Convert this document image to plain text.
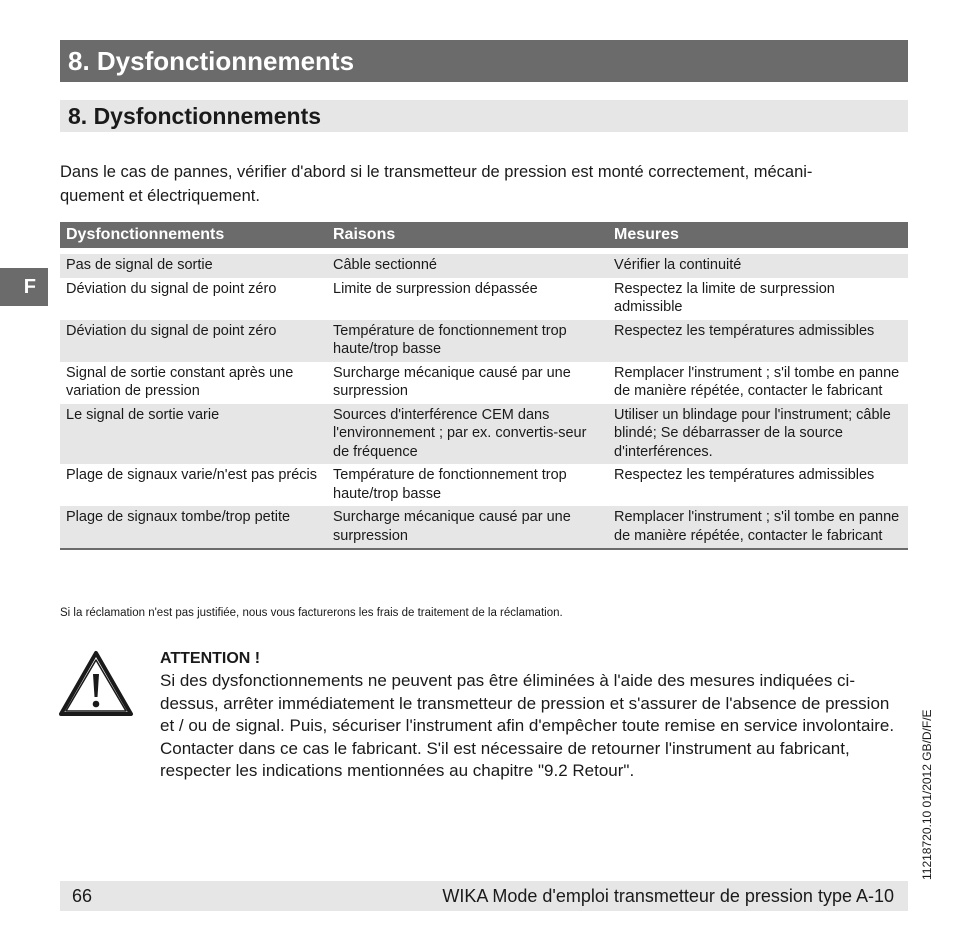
8. Dysfonctionnements
8. Dysfonctionnements
F
Dans le cas de pannes, vérifier d'abord si le transmetteur de pression est monté correctement, mécani-
quement et électriquement.
Dysfonctionnements	Raisons	Mesures

Pas de signal de sortie	Câble sectionné	Vérifier la continuité
Déviation du signal de point zéro	Limite de surpression dépassée	Respectez la limite de surpression admissible
Déviation du signal de point zéro	Température de fonctionnement trop haute/trop basse	Respectez les températures admissibles
Signal de sortie constant après une variation de pression	Surcharge mécanique causé par une surpression	Remplacer l'instrument ; s'il tombe en panne de manière répétée, contacter le fabricant
Le signal de sortie varie	Sources d'interférence CEM dans l'environnement ; par ex. convertis-seur de fréquence	Utiliser un blindage pour l'instrument; câble blindé; Se débarrasser de la source d'interférences.
Plage de signaux varie/n'est pas précis	Température de fonctionnement trop haute/trop basse	Respectez les températures admissibles
Plage de signaux tombe/trop petite	Surcharge mécanique causé par une surpression	Remplacer l'instrument ; s'il tombe en panne de manière répétée, contacter le fabricant
Si la réclamation n'est pas justifiée, nous vous facturerons les frais de traitement de la réclamation.
ATTENTION !
Si des dysfonctionnements ne peuvent pas être éliminées à l'aide des mesures indiquées ci-dessus, arrêter immédiatement le transmetteur de pression et s'assurer de l'absence de pression et / ou de signal. Puis, sécuriser l'instrument afin d'empêcher toute remise en service involontaire. Contacter dans ce cas le fabricant. S'il est nécessaire de retourner l'instrument au fabricant, respecter les indications mentionnées au chapitre "9.2 Retour".	11218720.10 01/2012 GB/D/F/E
66	WIKA Mode d'emploi transmetteur de pression type A-10
